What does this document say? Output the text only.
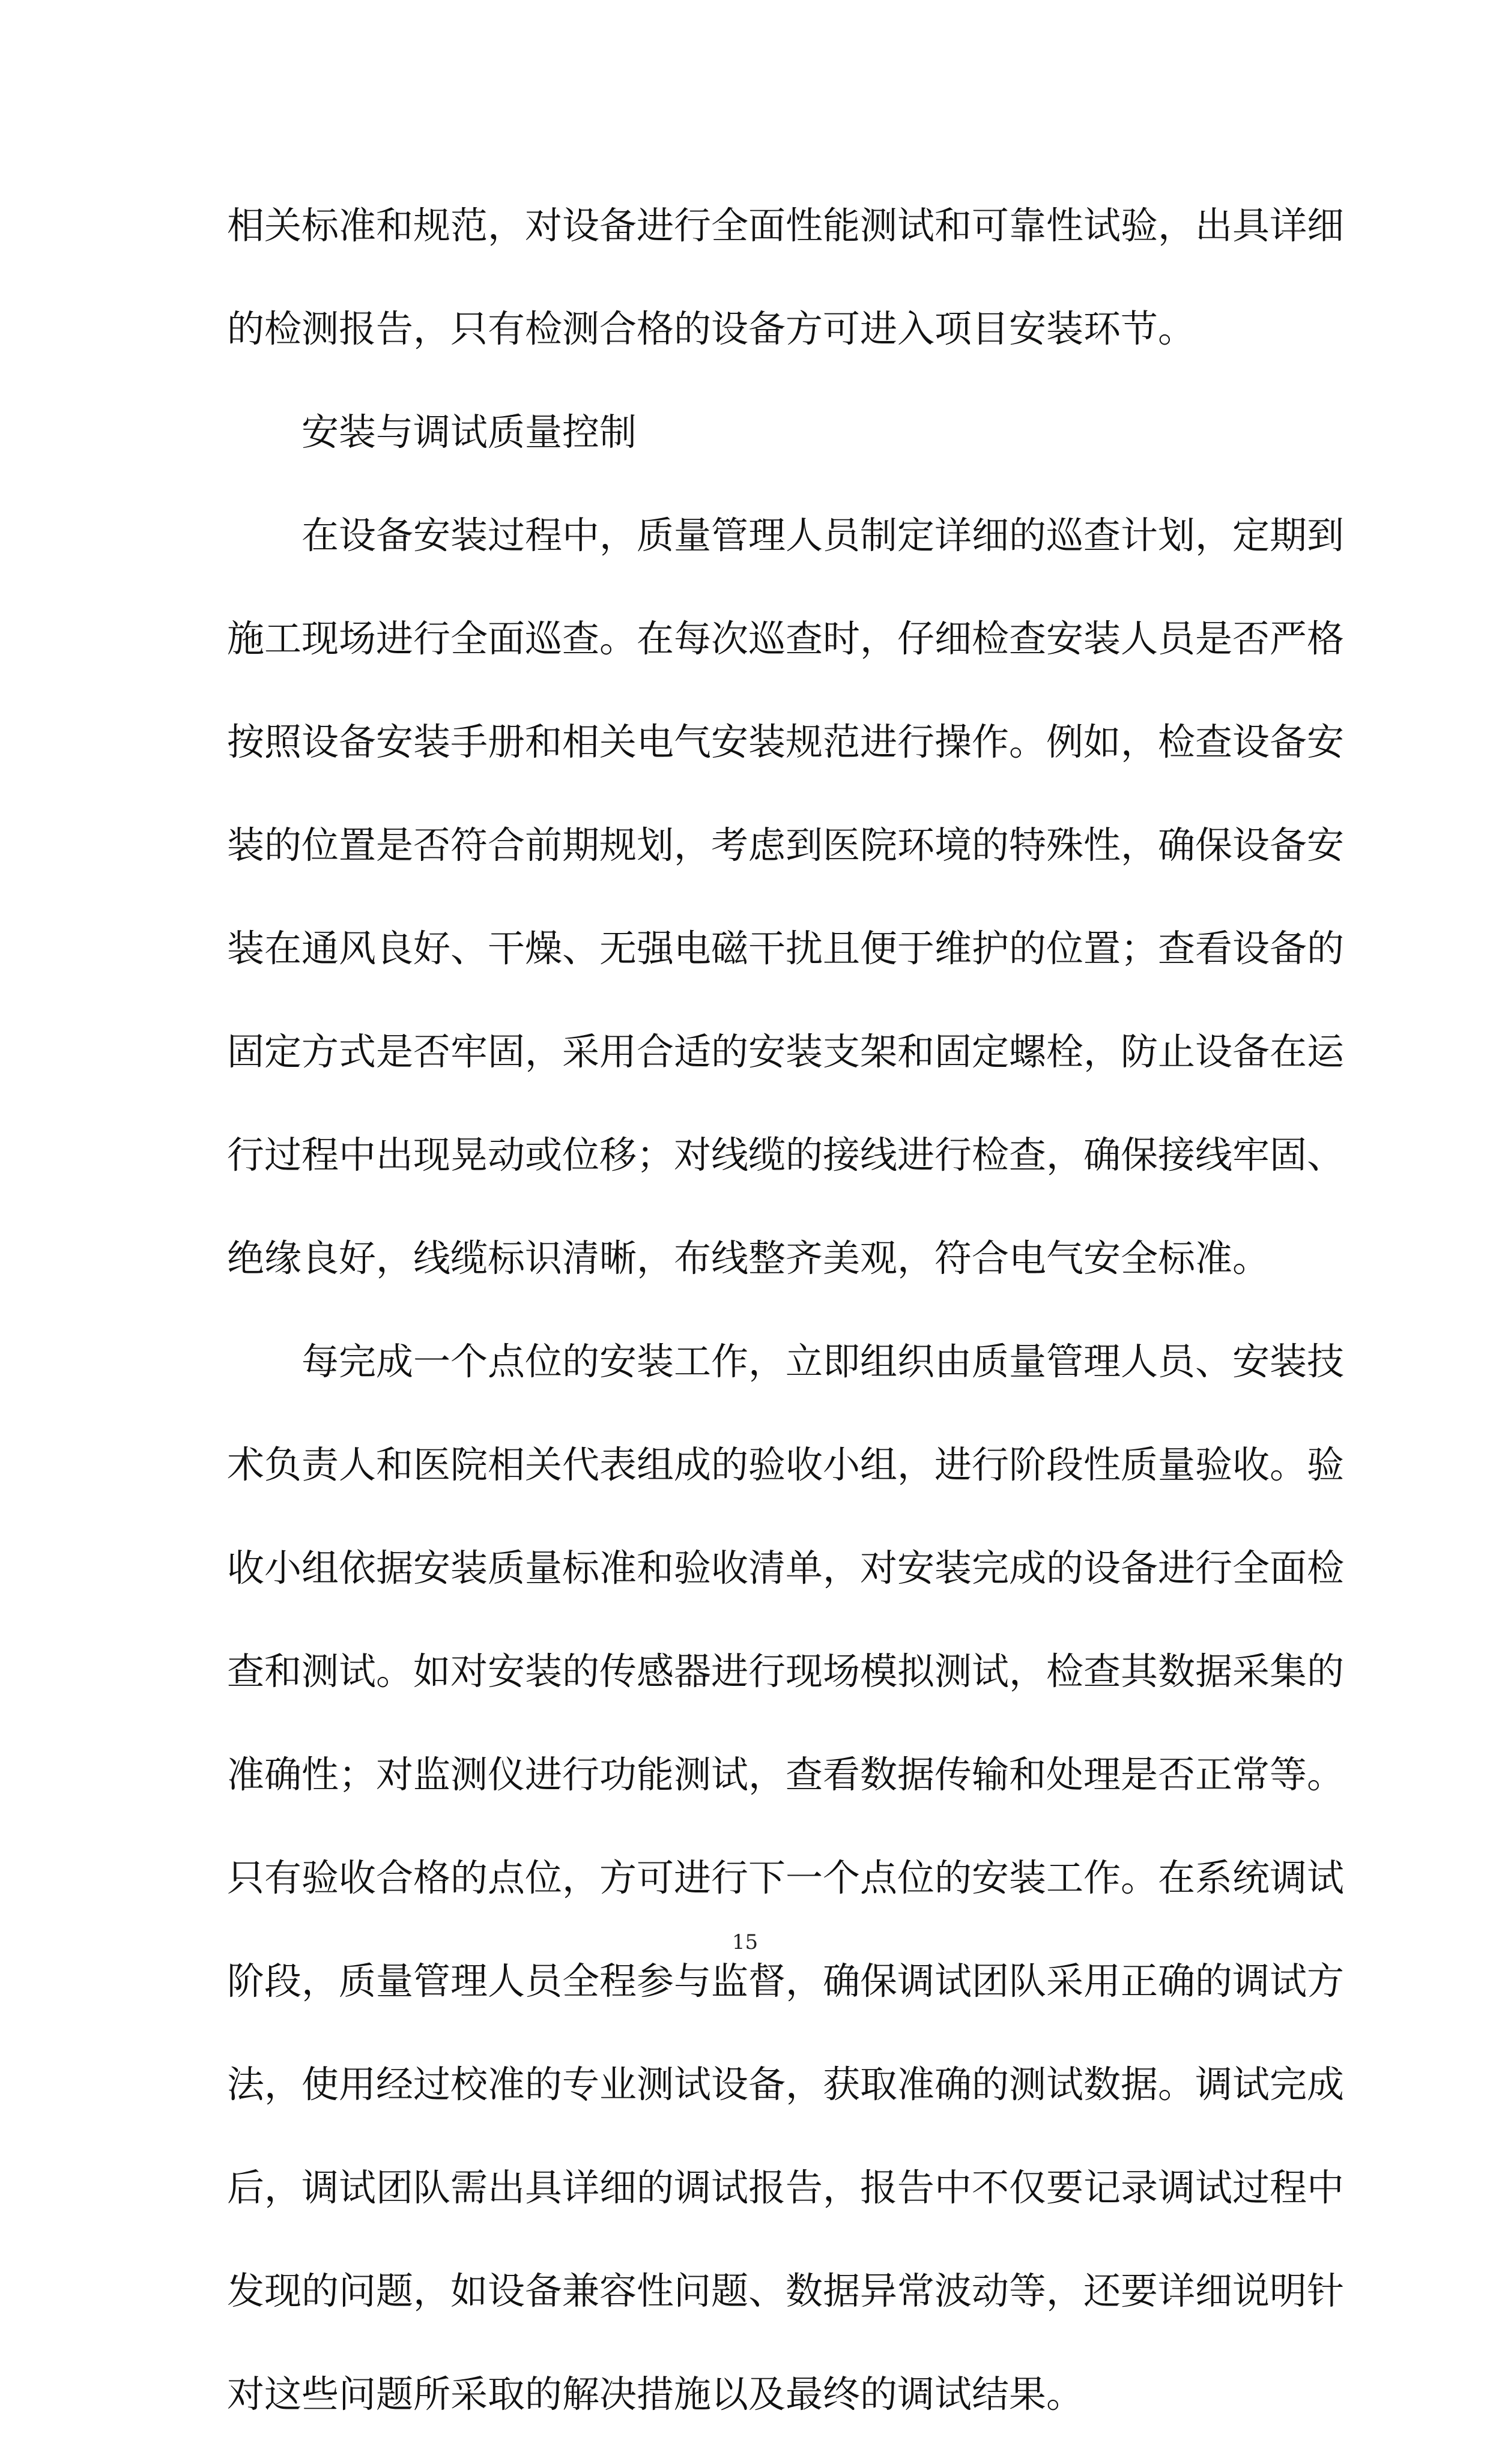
相关标准和规范，对设备进行全面性能测试和可靠性试验，出具详细
的检测报告，只有检测合格的设备方可进入项目安装环节。
安装与调试质量控制
在设备安装过程中，质量管理人员制定详细的巡查计划，定期到
施工现场进行全面巡查。在每次巡查时，仔细检查安装人员是否严格
按照设备安装手册和相关电气安装规范进行操作。例如，检查设备安
装的位置是否符合前期规划，考虑到医院环境的特殊性，确保设备安
装在通风良好、干燥、无强电磁干扰且便于维护的位置；查看设备的
固定方式是否牢固，采用合适的安装支架和固定螺栓，防止设备在运
行过程中出现晃动或位移；对线缆的接线进行检查，确保接线牢固、
绝缘良好，线缆标识清晰，布线整齐美观，符合电气安全标准。
每完成一个点位的安装工作，立即组织由质量管理人员、安装技
术负责人和医院相关代表组成的验收小组，进行阶段性质量验收。验
收小组依据安装质量标准和验收清单，对安装完成的设备进行全面检
查和测试。如对安装的传感器进行现场模拟测试，检查其数据采集的
准确性；对监测仪进行功能测试，查看数据传输和处理是否正常等。
只有验收合格的点位，方可进行下一个点位的安装工作。在系统调试
阶段，质量管理人员全程参与监督，确保调试团队采用正确的调试方
法，使用经过校准的专业测试设备，获取准确的测试数据。调试完成
后，调试团队需出具详细的调试报告，报告中不仅要记录调试过程中
发现的问题，如设备兼容性问题、数据异常波动等，还要详细说明针
对这些问题所采取的解决措施以及最终的调试结果。
15
